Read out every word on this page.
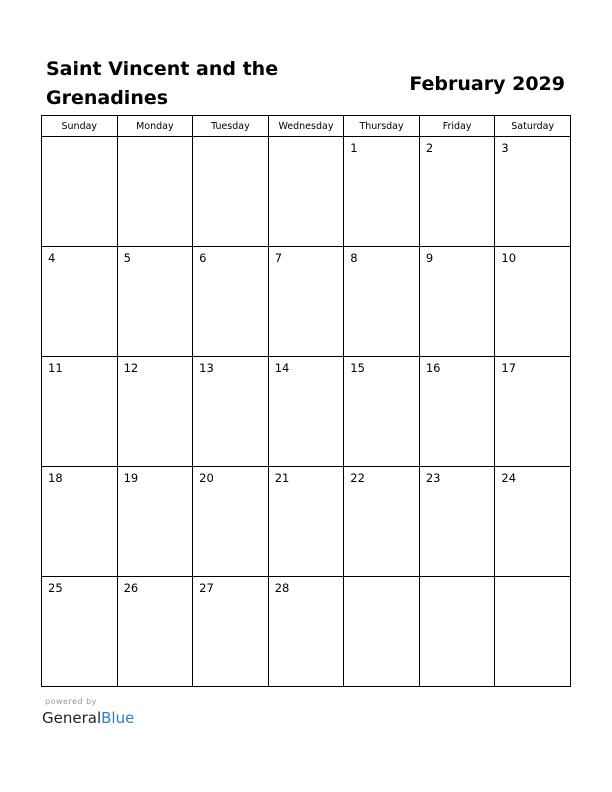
Saint Vincent and the
Grenadines
February 2029
Sunday	Monday	Tuesday	Wednesday	Thursday	Friday	Saturday

				1	2	3

4	5	6	7	8	9	10

11	12	13	14	15	16	17

18	19	20	21	22	23	24

25	26	27	28			

powered by
GeneralBlue
